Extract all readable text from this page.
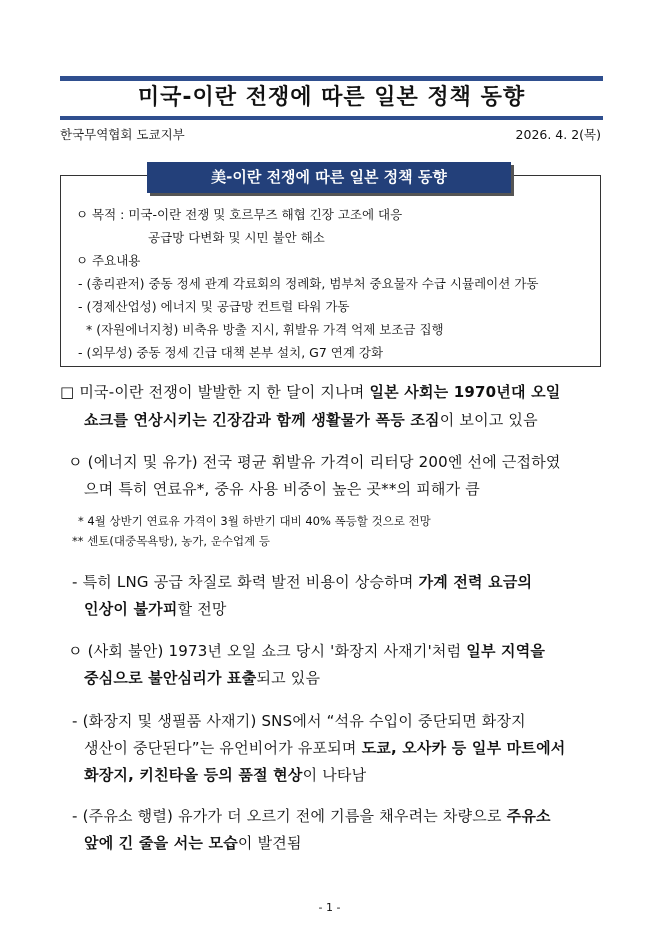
미국-이란 전쟁에 따른 일본 정책 동향
한국무역협회 도쿄지부	2026. 4. 2(목)
美-이란 전쟁에 따른 일본 정책 동향
ㅇ 목적 : 미국-이란 전쟁 및 호르무즈 해협 긴장 고조에 대응
공급망 다변화 및 시민 불안 해소
ㅇ 주요내용
- (총리관저) 중동 정세 관계 각료회의 정례화, 범부처 중요물자 수급 시뮬레이션 가동
- (경제산업성) 에너지 및 공급망 컨트럴 타워 가동
* (자원에너지청) 비축유 방출 지시, 휘발유 가격 억제 보조금 집행
- (외무성) 중동 정세 긴급 대책 본부 설치, G7 연계 강화
□ 미국-이란 전쟁이 발발한 지 한 달이 지나며 일본 사회는 1970년대 오일
쇼크를 연상시키는 긴장감과 함께 생활물가 폭등 조짐이 보이고 있음
ㅇ (에너지 및 유가) 전국 평균 휘발유 가격이 리터당 200엔 선에 근접하였
으며 특히 연료유*, 중유 사용 비중이 높은 곳**의 피해가 큼
* 4월 상반기 연료유 가격이 3월 하반기 대비 40% 폭등할 것으로 전망
** 센토(대중목욕탕), 농가, 운수업계 등
- 특히 LNG 공급 차질로 화력 발전 비용이 상승하며 가계 전력 요금의
인상이 불가피할 전망
ㅇ (사회 불안) 1973년 오일 쇼크 당시 '화장지 사재기'처럼 일부 지역을
중심으로 불안심리가 표출되고 있음
- (화장지 및 생필품 사재기) SNS에서 “석유 수입이 중단되면 화장지
생산이 중단된다”는 유언비어가 유포되며 도쿄, 오사카 등 일부 마트에서
화장지, 키친타올 등의 품절 현상이 나타남
- (주유소 행렬) 유가가 더 오르기 전에 기름을 채우려는 차량으로 주유소
앞에 긴 줄을 서는 모습이 발견됨
- 1 -
